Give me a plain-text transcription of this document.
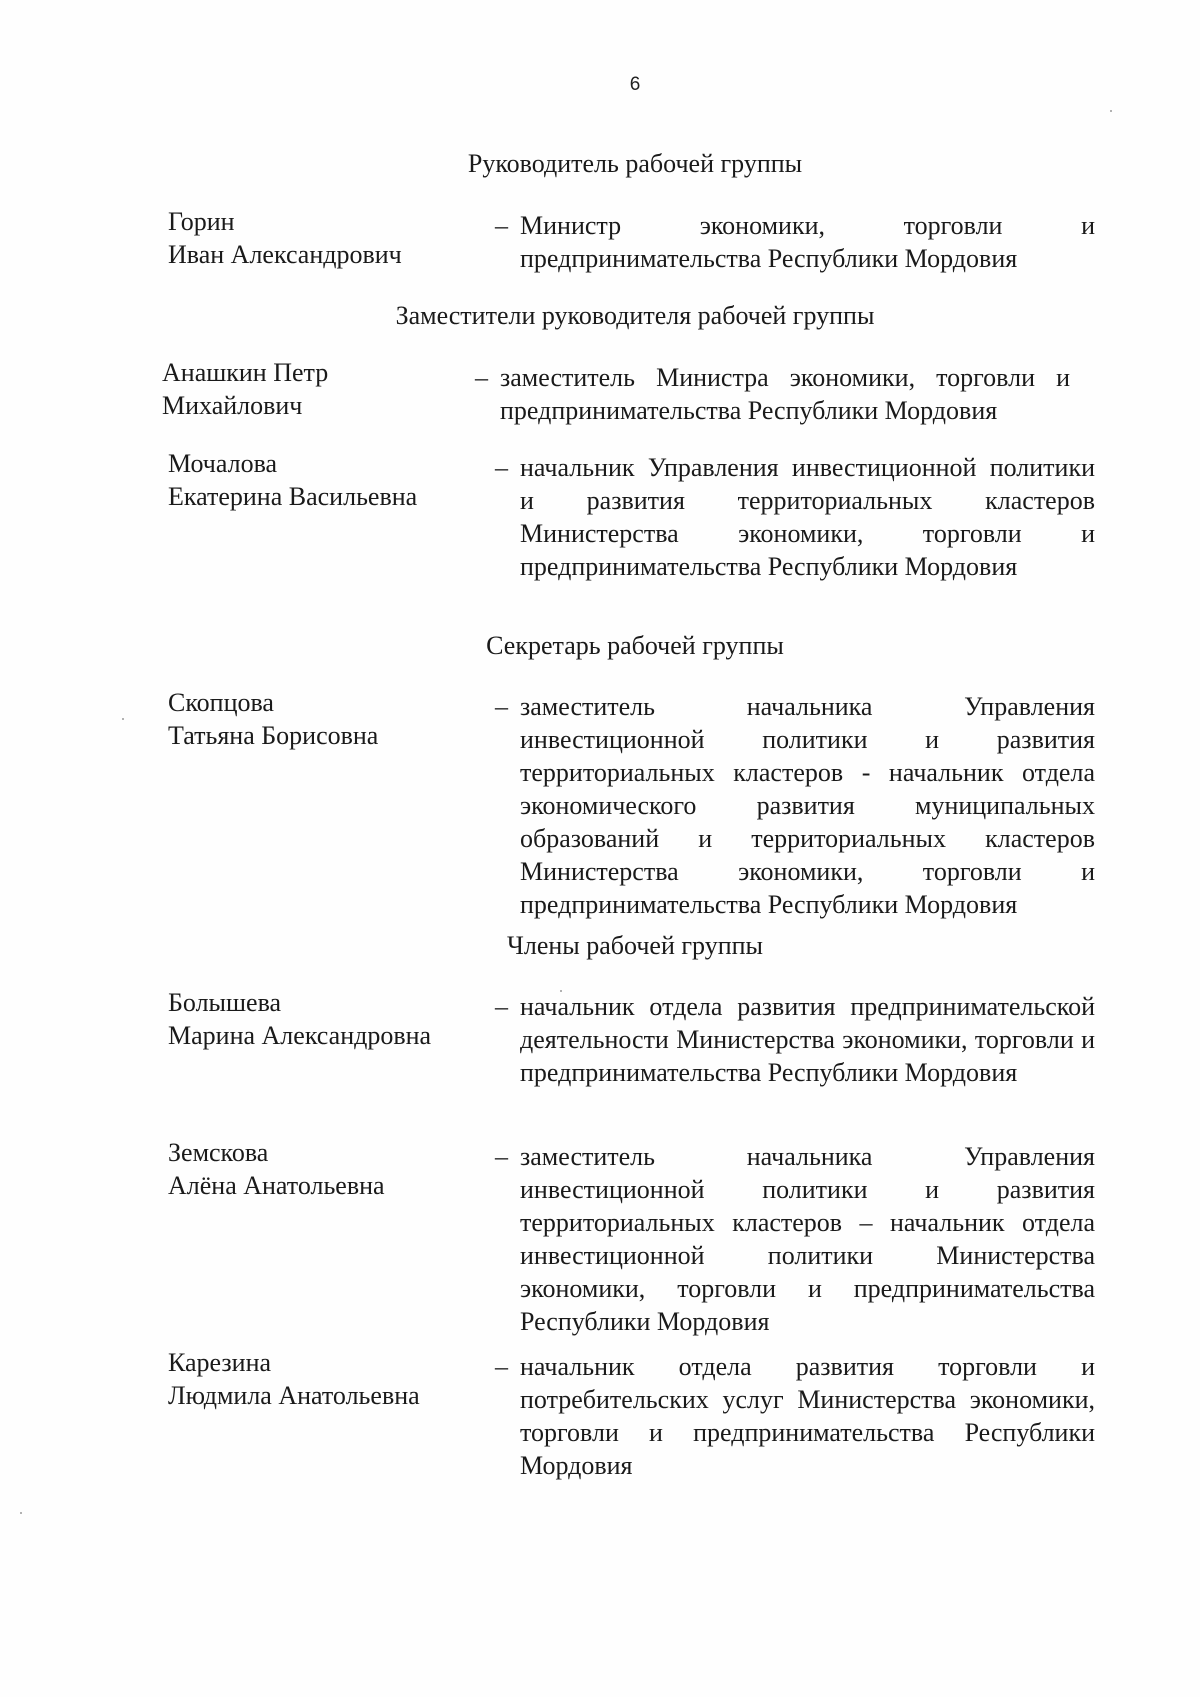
6
Руководитель рабочей группы
Горин
Иван Александрович
– Министр экономики, торговли и предпринимательства Республики Мордовия
Заместители руководителя рабочей группы
Анашкин Петр
Михайлович
– заместитель Министра экономики, торговли и предпринимательства Республики Мордовия
Мочалова
Екатерина Васильевна
– начальник Управления инвестиционной политики и развития территориальных кластеров Министерства экономики, торговли и предпринимательства Республики Мордовия
Секретарь рабочей группы
Скопцова
Татьяна Борисовна
– заместитель начальника Управления инвестиционной политики и развития территориальных кластеров - начальник отдела экономического развития муниципальных образований и территориальных кластеров Министерства экономики, торговли и предпринимательства Республики Мордовия
Члены рабочей группы
Болышева
Марина Александровна
– начальник отдела развития предпринимательской деятельности Министерства экономики, торговли и предпринимательства Республики Мордовия
Земскова
Алёна Анатольевна
– заместитель начальника Управления инвестиционной политики и развития территориальных кластеров – начальник отдела инвестиционной политики Министерства экономики, торговли и предпринимательства Республики Мордовия
Карезина
Людмила Анатольевна
– начальник отдела развития торговли и потребительских услуг Министерства экономики, торговли и предпринимательства Республики Мордовия
